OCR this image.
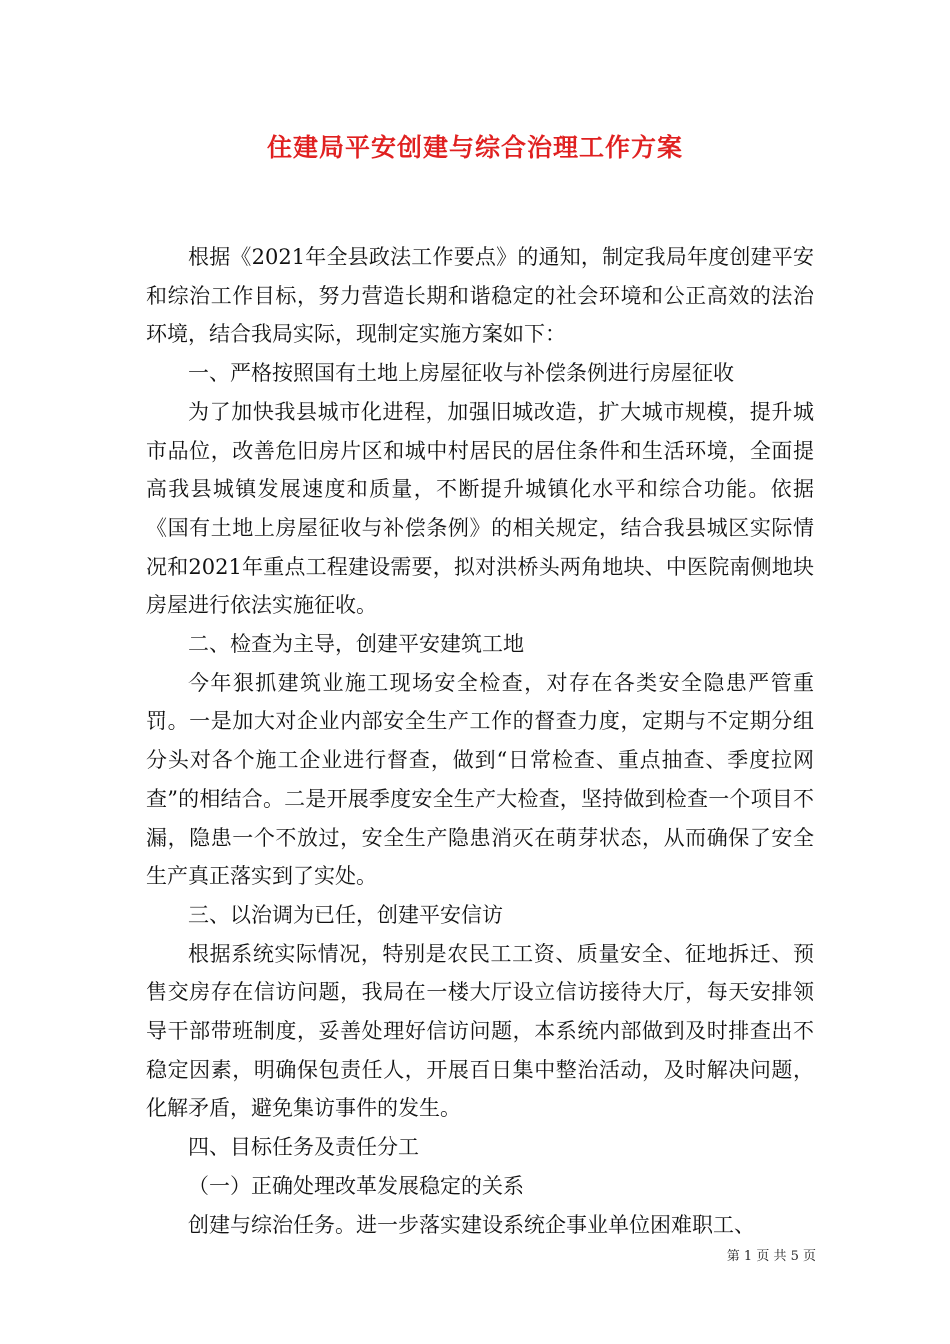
住建局平安创建与综合治理工作方案

根据《2021年全县政法工作要点》的通知，制定我局年度创建平安和综治工作目标，努力营造长期和谐稳定的社会环境和公正高效的法治环境，结合我局实际，现制定实施方案如下：

一、严格按照国有土地上房屋征收与补偿条例进行房屋征收

为了加快我县城市化进程，加强旧城改造，扩大城市规模，提升城市品位，改善危旧房片区和城中村居民的居住条件和生活环境，全面提高我县城镇发展速度和质量，不断提升城镇化水平和综合功能。依据《国有土地上房屋征收与补偿条例》的相关规定，结合我县城区实际情况和2021年重点工程建设需要，拟对洪桥头两角地块、中医院南侧地块房屋进行依法实施征收。

二、检查为主导，创建平安建筑工地

今年狠抓建筑业施工现场安全检查，对存在各类安全隐患严管重罚。一是加大对企业内部安全生产工作的督查力度，定期与不定期分组分头对各个施工企业进行督查，做到“日常检查、重点抽查、季度拉网查”的相结合。二是开展季度安全生产大检查，坚持做到检查一个项目不漏，隐患一个不放过，安全生产隐患消灭在萌芽状态，从而确保了安全生产真正落实到了实处。

三、以治调为已任，创建平安信访

根据系统实际情况，特别是农民工工资、质量安全、征地拆迁、预售交房存在信访问题，我局在一楼大厅设立信访接待大厅，每天安排领导干部带班制度，妥善处理好信访问题，本系统内部做到及时排查出不稳定因素，明确保包责任人，开展百日集中整治活动，及时解决问题，化解矛盾，避免集访事件的发生。

四、目标任务及责任分工

（一）正确处理改革发展稳定的关系

创建与综治任务。进一步落实建设系统企事业单位困难职工、

第 1 页 共 5 页
